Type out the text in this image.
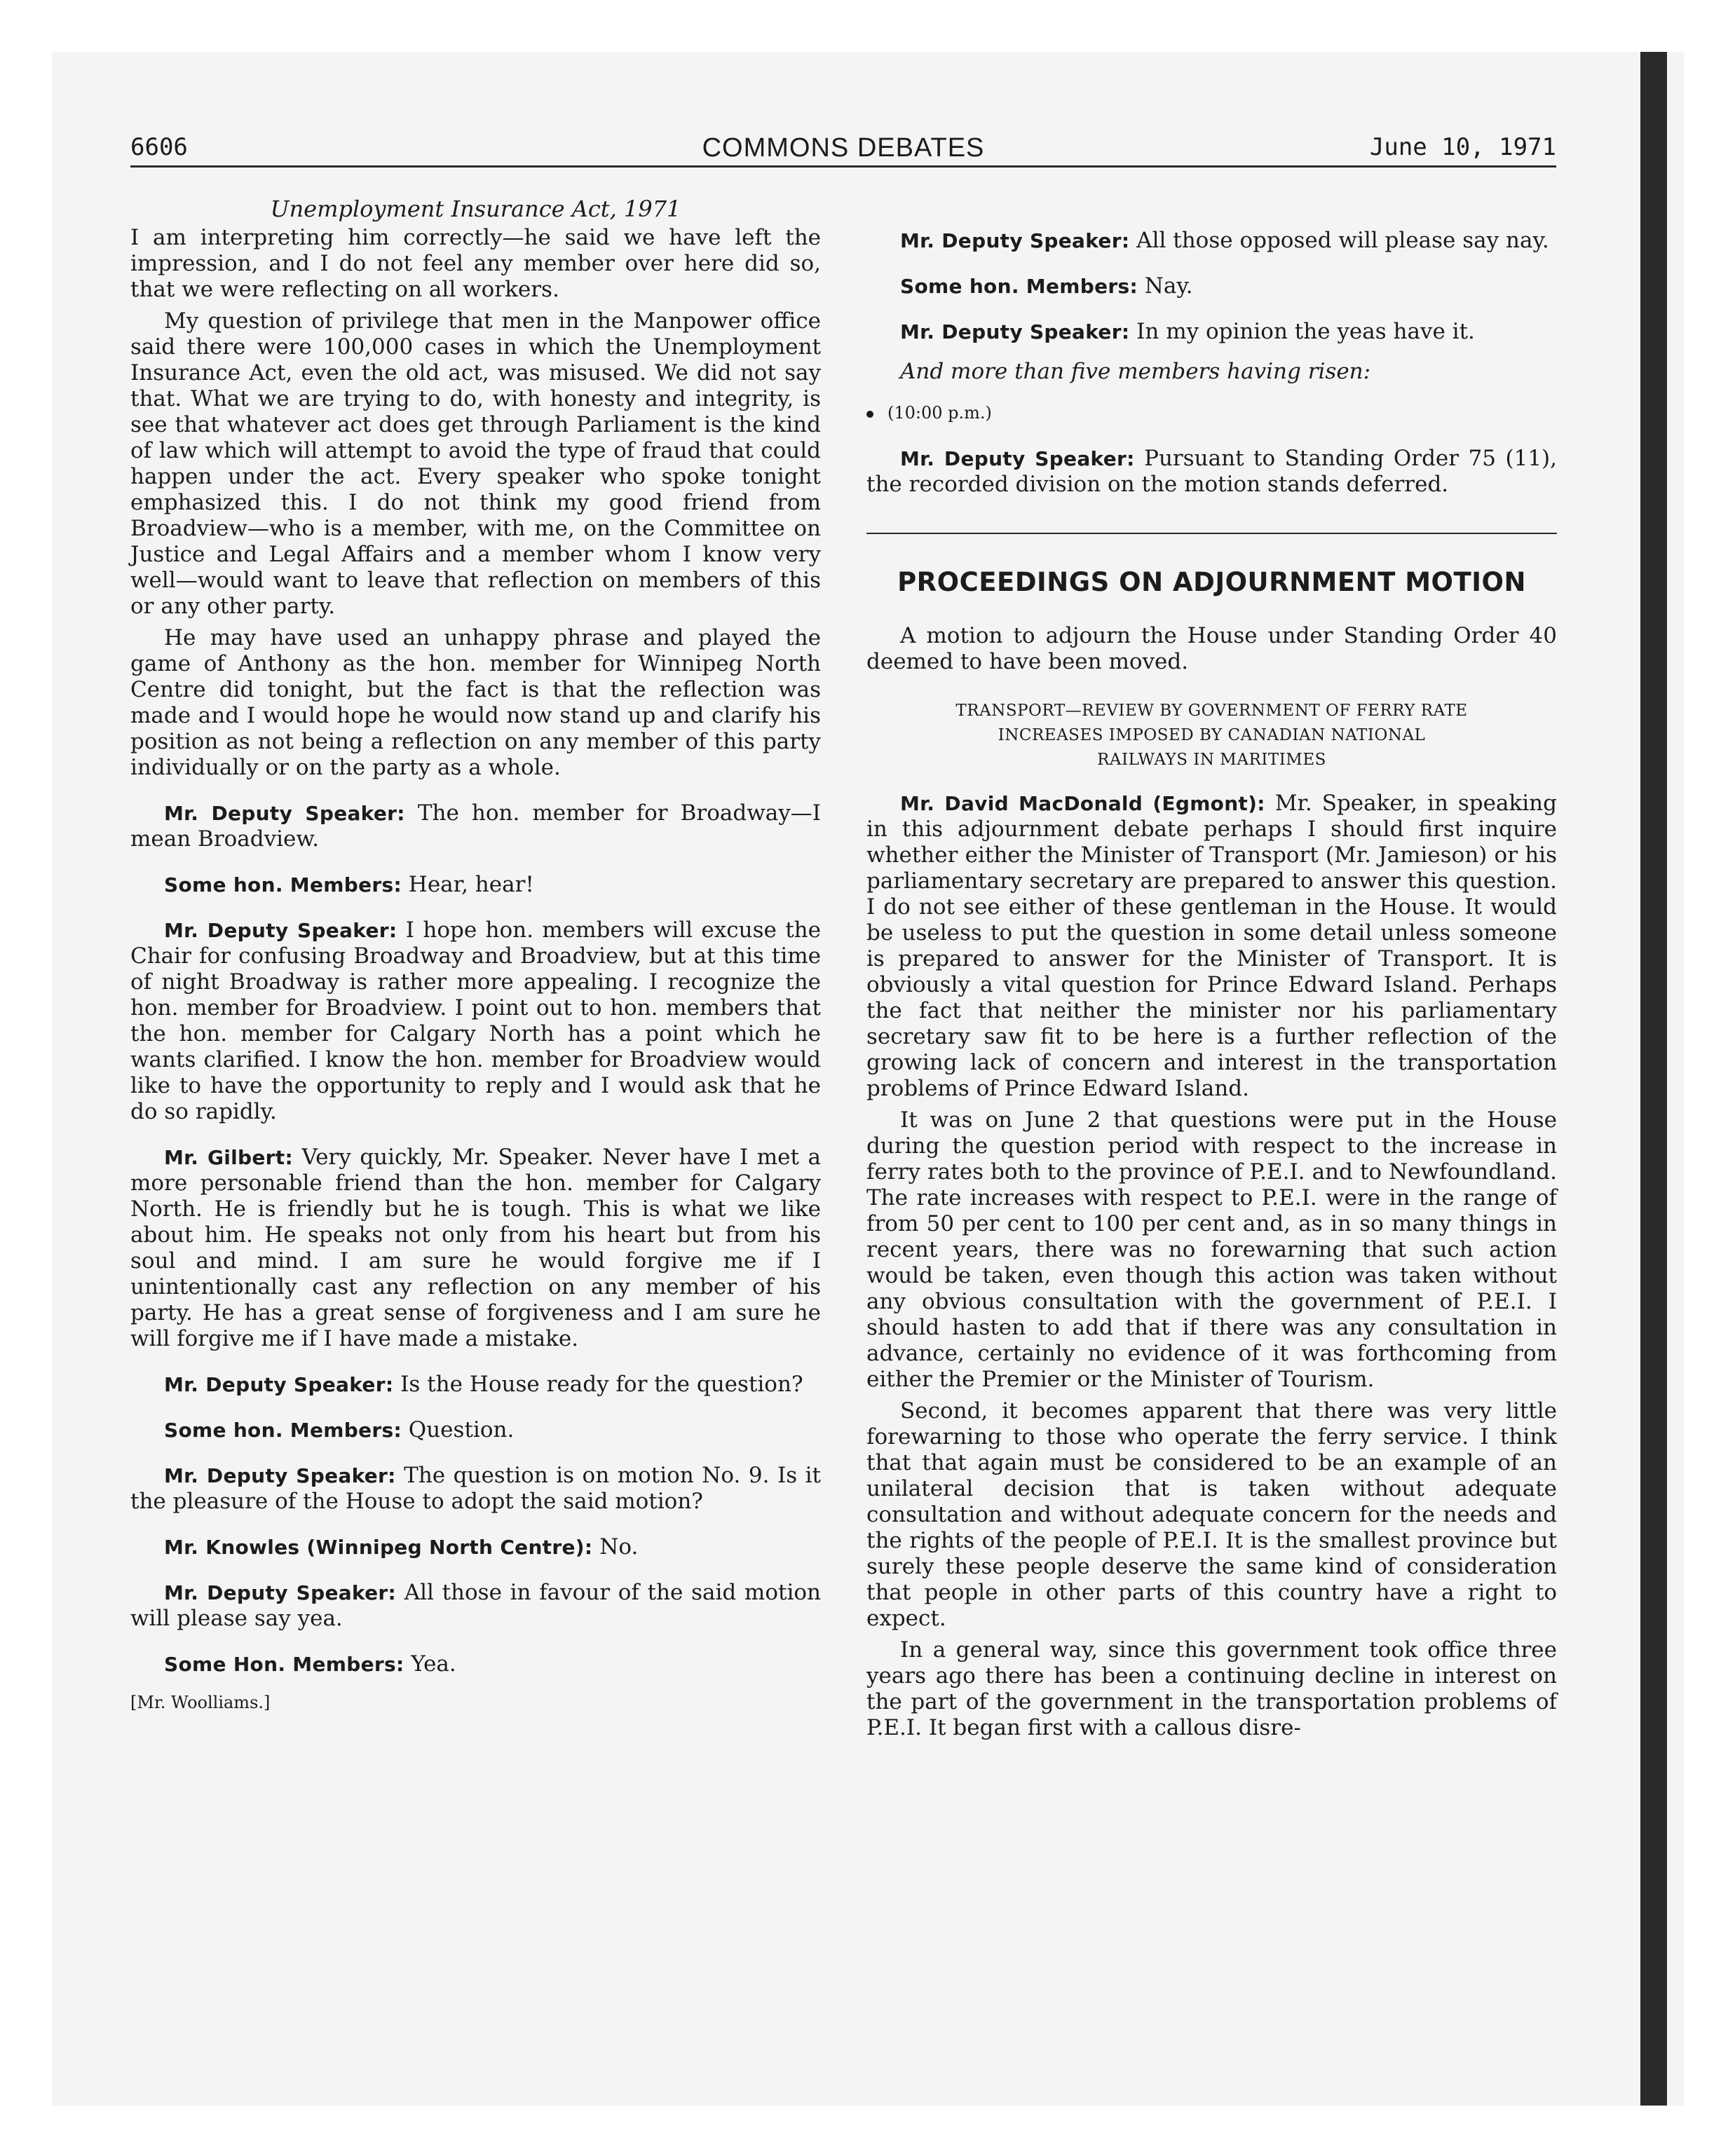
6606	COMMONS DEBATES	June 10, 1971
Unemployment Insurance Act, 1971

I am interpreting him correctly—he said we have left the impression, and I do not feel any member over here did so, that we were reflecting on all workers.

My question of privilege that men in the Manpower office said there were 100,000 cases in which the Unemployment Insurance Act, even the old act, was misused. We did not say that. What we are trying to do, with honesty and integrity, is see that whatever act does get through Parliament is the kind of law which will attempt to avoid the type of fraud that could happen under the act. Every speaker who spoke tonight emphasized this. I do not think my good friend from Broadview—who is a member, with me, on the Committee on Justice and Legal Affairs and a member whom I know very well—would want to leave that reflection on members of this or any other party.

He may have used an unhappy phrase and played the game of Anthony as the hon. member for Winnipeg North Centre did tonight, but the fact is that the reflection was made and I would hope he would now stand up and clarify his position as not being a reflection on any member of this party individually or on the party as a whole.

Mr. Deputy Speaker: The hon. member for Broadway—I mean Broadview.

Some hon. Members: Hear, hear!

Mr. Deputy Speaker: I hope hon. members will excuse the Chair for confusing Broadway and Broadview, but at this time of night Broadway is rather more appealing. I recognize the hon. member for Broadview. I point out to hon. members that the hon. member for Calgary North has a point which he wants clarified. I know the hon. member for Broadview would like to have the opportunity to reply and I would ask that he do so rapidly.

Mr. Gilbert: Very quickly, Mr. Speaker. Never have I met a more personable friend than the hon. member for Calgary North. He is friendly but he is tough. This is what we like about him. He speaks not only from his heart but from his soul and mind. I am sure he would forgive me if I unintentionally cast any reflection on any member of his party. He has a great sense of forgiveness and I am sure he will forgive me if I have made a mistake.

Mr. Deputy Speaker: Is the House ready for the question?

Some hon. Members: Question.

Mr. Deputy Speaker: The question is on motion No. 9. Is it the pleasure of the House to adopt the said motion?

Mr. Knowles (Winnipeg North Centre): No.

Mr. Deputy Speaker: All those in favour of the said motion will please say yea.

Some Hon. Members: Yea.

[Mr. Woolliams.]

Mr. Deputy Speaker: All those opposed will please say nay.

Some hon. Members: Nay.

Mr. Deputy Speaker: In my opinion the yeas have it.

And more than five members having risen:

(10:00 p.m.)

Mr. Deputy Speaker: Pursuant to Standing Order 75 (11), the recorded division on the motion stands deferred.

PROCEEDINGS ON ADJOURNMENT MOTION

A motion to adjourn the House under Standing Order 40 deemed to have been moved.

TRANSPORT—REVIEW BY GOVERNMENT OF FERRY RATE
INCREASES IMPOSED BY CANADIAN NATIONAL
RAILWAYS IN MARITIMES

Mr. David MacDonald (Egmont): Mr. Speaker, in speaking in this adjournment debate perhaps I should first inquire whether either the Minister of Transport (Mr. Jamieson) or his parliamentary secretary are prepared to answer this question. I do not see either of these gentleman in the House. It would be useless to put the question in some detail unless someone is prepared to answer for the Minister of Transport. It is obviously a vital question for Prince Edward Island. Perhaps the fact that neither the minister nor his parliamentary secretary saw fit to be here is a further reflection of the growing lack of concern and interest in the transportation problems of Prince Edward Island.

It was on June 2 that questions were put in the House during the question period with respect to the increase in ferry rates both to the province of P.E.I. and to Newfoundland. The rate increases with respect to P.E.I. were in the range of from 50 per cent to 100 per cent and, as in so many things in recent years, there was no forewarning that such action would be taken, even though this action was taken without any obvious consultation with the government of P.E.I. I should hasten to add that if there was any consultation in advance, certainly no evidence of it was forthcoming from either the Premier or the Minister of Tourism.

Second, it becomes apparent that there was very little forewarning to those who operate the ferry service. I think that that again must be considered to be an example of an unilateral decision that is taken without adequate consultation and without adequate concern for the needs and the rights of the people of P.E.I. It is the smallest province but surely these people deserve the same kind of consideration that people in other parts of this country have a right to expect.

In a general way, since this government took office three years ago there has been a continuing decline in interest on the part of the government in the transportation problems of P.E.I. It began first with a callous disre-
